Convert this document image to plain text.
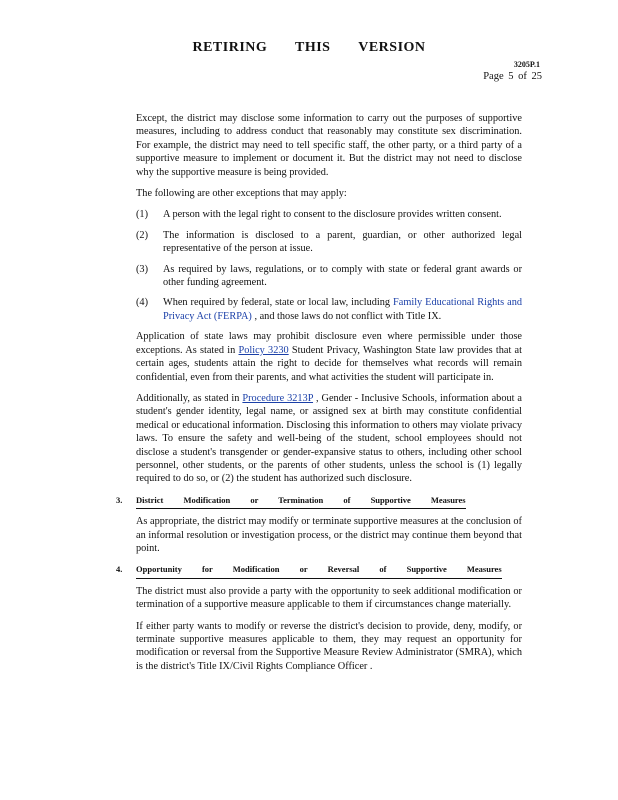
RETIRING THIS VERSION
3205P.1
Page 5 of 25

Except, the district may disclose some information to carry out the purposes of supportive measures, including to address conduct that reasonably may constitute sex discrimination. For example, the district may need to tell specific staff, the other party, or a third party of a supportive measure to implement or document it. But the district may not need to disclose why the supportive measure is being provided.

The following are other exceptions that may apply:

(1)	A person with the legal right to consent to the disclosure provides written consent.
(2)	The information is disclosed to a parent, guardian, or other authorized legal representative of the person at issue.
(3)	As required by laws, regulations, or to comply with state or federal grant awards or other funding agreement.
(4)	When required by federal, state or local law, including Family Educational Rights and Privacy Act (FERPA) , and those laws do not conflict with Title IX.

Application of state laws may prohibit disclosure even where permissible under those exceptions. As stated in Policy 3230 Student Privacy, Washington State law provides that at certain ages, students attain the right to decide for themselves what records will remain confidential, even from their parents, and what activities the student will participate in.

Additionally, as stated in Procedure 3213P , Gender - Inclusive Schools, information about a student's gender identity, legal name, or assigned sex at birth may constitute confidential medical or educational information. Disclosing this information to others may violate privacy laws. To ensure the safety and well-being of the student, school employees should not disclose a student's transgender or gender-expansive status to others, including other school personnel, other students, or the parents of other students, unless the school is (1) legally required to do so, or (2) the student has authorized such disclosure.

3.	District Modification or Termination of Supportive Measures

As appropriate, the district may modify or terminate supportive measures at the conclusion of an informal resolution or investigation process, or the district may continue them beyond that point.

4.	Opportunity for Modification or Reversal of Supportive Measures

The district must also provide a party with the opportunity to seek additional modification or termination of a supportive measure applicable to them if circumstances change materially.

If either party wants to modify or reverse the district's decision to provide, deny, modify, or terminate supportive measures applicable to them, they may request an opportunity for modification or reversal from the Supportive Measure Review Administrator (SMRA), which is the district's Title IX/Civil Rights Compliance Officer .
